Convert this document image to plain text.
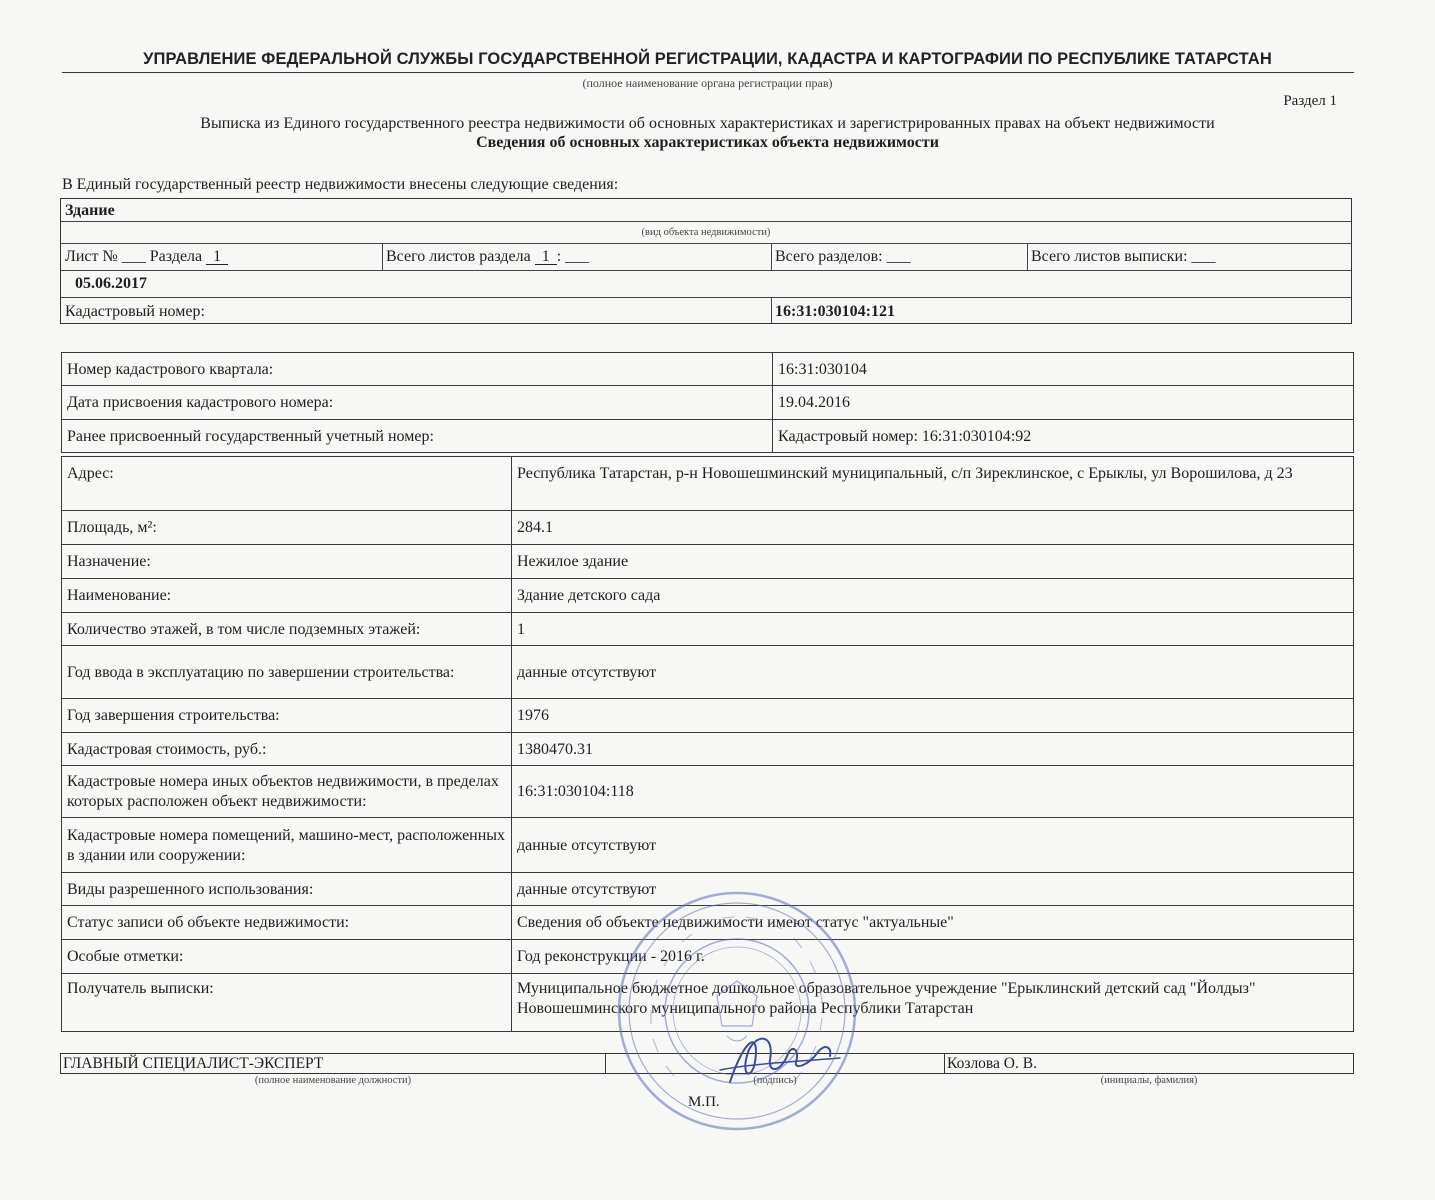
УПРАВЛЕНИЕ ФЕДЕРАЛЬНОЙ СЛУЖБЫ ГОСУДАРСТВЕННОЙ РЕГИСТРАЦИИ, КАДАСТРА И КАРТОГРАФИИ ПО РЕСПУБЛИКЕ ТАТАРСТАН
(полное наименование органа регистрации прав)
Раздел 1
Выписка из Единого государственного реестра недвижимости об основных характеристиках и зарегистрированных правах на объект недвижимости
Сведения об основных характеристиках объекта недвижимости
В Единый государственный реестр недвижимости внесены следующие сведения:
Здание
(вид объекта недвижимости)
Лист № ___ Раздела 1	Всего листов раздела 1 : ___	Всего разделов: ___	Всего листов выписки: ___
05.06.2017
Кадастровый номер:	16:31:030104:121
Номер кадастрового квартала:	16:31:030104
Дата присвоения кадастрового номера:	19.04.2016
Ранее присвоенный государственный учетный номер:	Кадастровый номер: 16:31:030104:92
Адрес:	Республика Татарстан, р-н Новошешминский муниципальный, с/п Зиреклинское, с Ерыклы, ул Ворошилова, д 23
Площадь, м²:	284.1
Назначение:	Нежилое здание
Наименование:	Здание детского сада
Количество этажей, в том числе подземных этажей:	1
Год ввода в эксплуатацию по завершении строительства:	данные отсутствуют
Год завершения строительства:	1976
Кадастровая стоимость, руб.:	1380470.31
Кадастровые номера иных объектов недвижимости, в пределах которых расположен объект недвижимости:	16:31:030104:118
Кадастровые номера помещений, машино-мест, расположенных в здании или сооружении:	данные отсутствуют
Виды разрешенного использования:	данные отсутствуют
Статус записи об объекте недвижимости:	Сведения об объекте недвижимости имеют статус "актуальные"
Особые отметки:	Год реконструкции - 2016 г.
Получатель выписки:	Муниципальное бюджетное дошкольное образовательное учреждение "Ерыклинский детский сад "Йолдыз" Новошешминского муниципального района Республики Татарстан
ГЛАВНЫЙ СПЕЦИАЛИСТ-ЭКСПЕРТ	Козлова О. В.
(полное наименование должности)	(подпись)	(инициалы, фамилия)
М.П.
